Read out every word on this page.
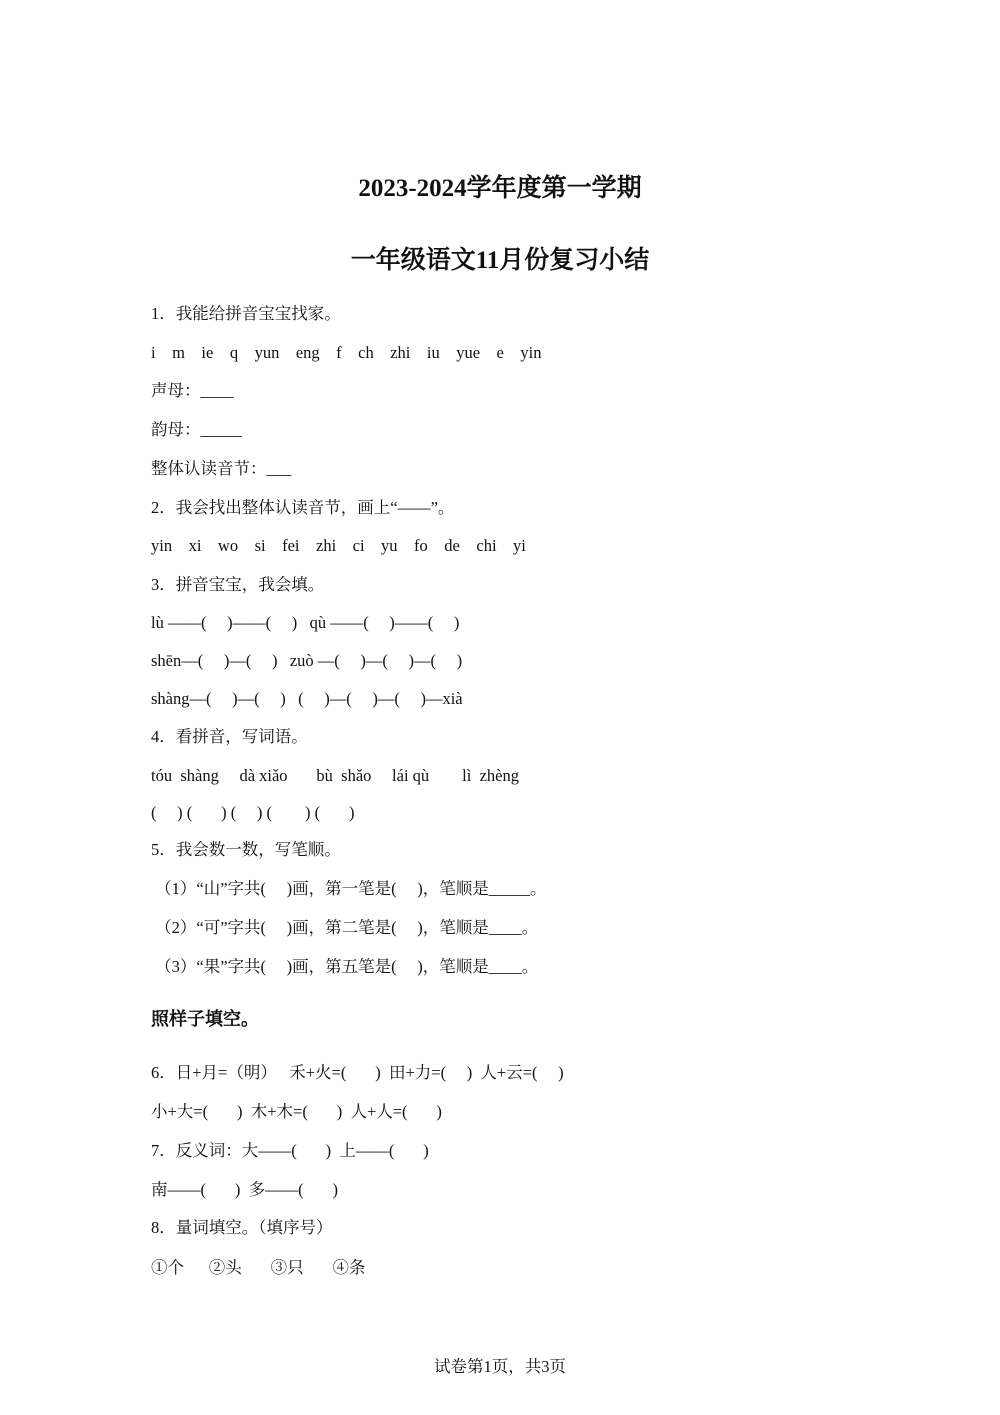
2023-2024学年度第一学期
一年级语文11月份复习小结
1．我能给拼音宝宝找家。
i    m    ie    q    yun    eng    f    ch    zhi    iu    yue    e    yin
声母：____
韵母：_____
整体认读音节：___
2．我会找出整体认读音节，画上“——”。
yin    xi    wo    si    fei    zhi    ci    yu    fo    de    chi    yi
3．拼音宝宝，我会填。
lù ——(     )——(     )   qù ——(     )——(     )
shēn—(     )—(     )   zuò —(     )—(     )—(     )
shàng—(     )—(     )   (     )—(     )—(     )—xià
4．看拼音，写词语。
tóu  shàng     dà xiǎo       bù  shǎo     lái qù        lì  zhèng
(     ) (       ) (     ) (        ) (       )
5．我会数一数，写笔顺。
（1）“山”字共(     )画，第一笔是(     )，笔顺是_____。
（2）“可”字共(     )画，第二笔是(     )，笔顺是____。
（3）“果”字共(     )画，第五笔是(     )，笔顺是____。
照样子填空。
6．日+月=（明）   禾+火=(       )  田+力=(     )  人+云=(     )
小+大=(       )  木+木=(       )  人+人=(       )
7．反义词：大——(       )  上——(       )
南——(       )  多——(       )
8．量词填空。（填序号）
①个      ②头       ③只       ④条
试卷第1页，共3页
